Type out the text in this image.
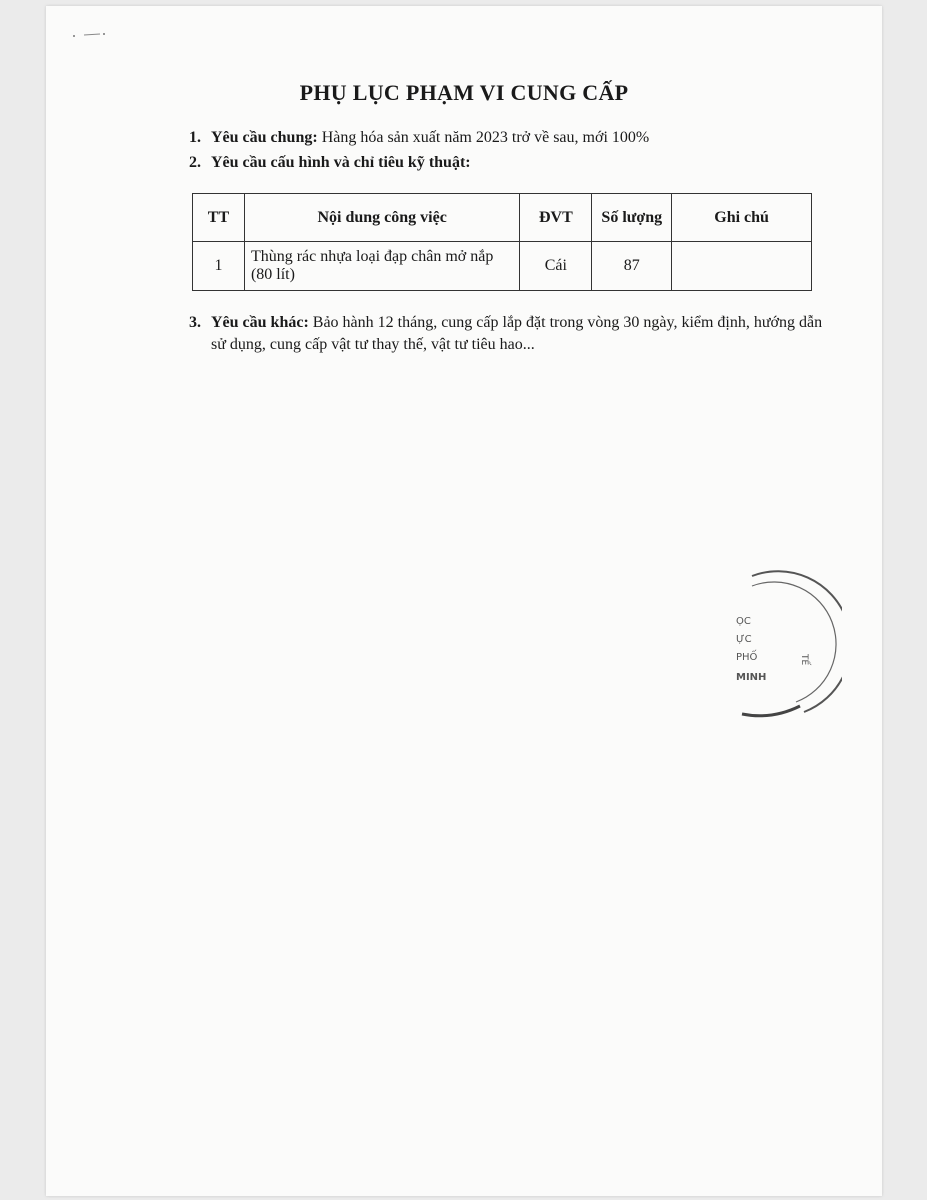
PHỤ LỤC PHẠM VI CUNG CẤP
1. Yêu cầu chung: Hàng hóa sản xuất năm 2023 trở về sau, mới 100%
2. Yêu cầu cấu hình và chỉ tiêu kỹ thuật:
TT	Nội dung công việc	ĐVT	Số lượng	Ghi chú
1	Thùng rác nhựa loại đạp chân mở nắp (80 lít)	Cái	87	
3. Yêu cầu khác: Bảo hành 12 tháng, cung cấp lắp đặt trong vòng 30 ngày, kiểm định, hướng dẫn sử dụng, cung cấp vật tư thay thế, vật tư tiêu hao...
ỌC
ỰC
PHỐ
MINH
TẾ
